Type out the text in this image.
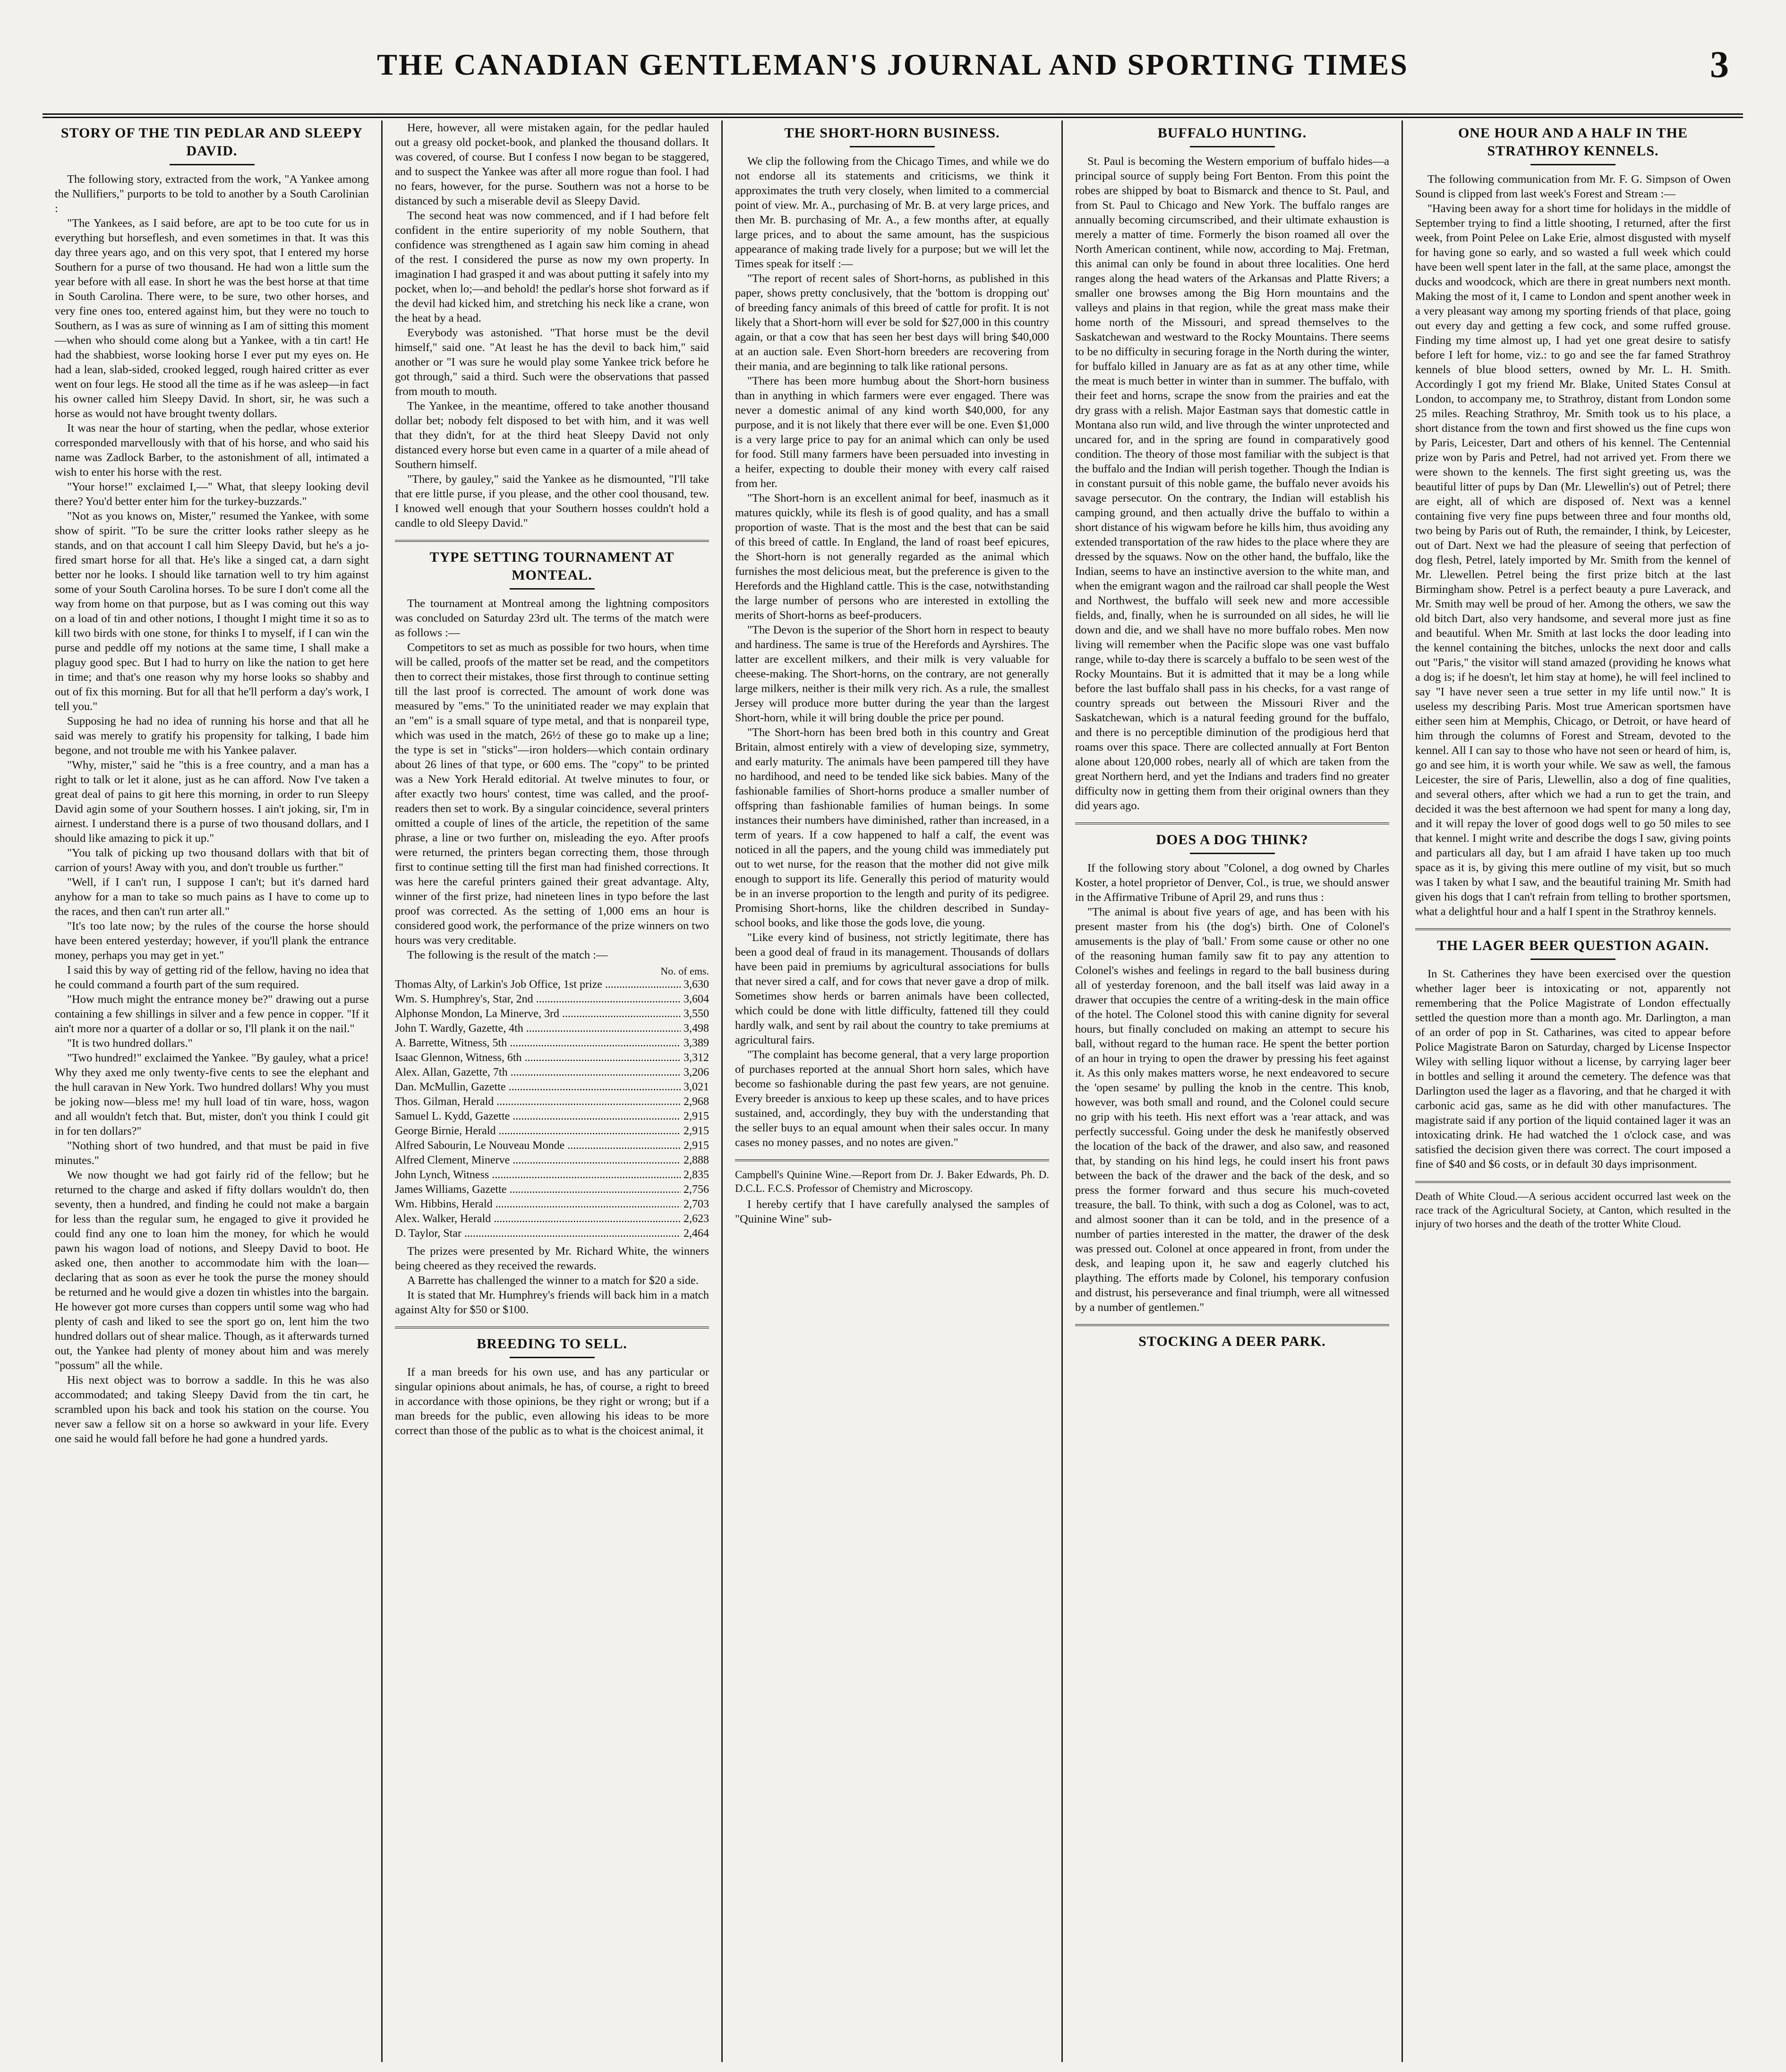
THE CANADIAN GENTLEMAN'S JOURNAL AND SPORTING TIMES	3
STORY OF THE TIN PEDLAR AND SLEEPY DAVID.

The following story, extracted from the work, "A Yankee among the Nullifiers," purports to be told to another by a South Carolinian :

"The Yankees, as I said before, are apt to be too cute for us in everything but horseflesh, and even sometimes in that. It was this day three years ago, and on this very spot, that I entered my horse Southern for a purse of two thousand. He had won a little sum the year before with all ease. In short he was the best horse at that time in South Carolina. There were, to be sure, two other horses, and very fine ones too, entered against him, but they were no touch to Southern, as I was as sure of winning as I am of sitting this moment—when who should come along but a Yankee, with a tin cart! He had the shabbiest, worse looking horse I ever put my eyes on. He had a lean, slab-sided, crooked legged, rough haired critter as ever went on four legs. He stood all the time as if he was asleep—in fact his owner called him Sleepy David. In short, sir, he was such a horse as would not have brought twenty dollars.

It was near the hour of starting, when the pedlar, whose exterior corresponded marvellously with that of his horse, and who said his name was Zadlock Barber, to the astonishment of all, intimated a wish to enter his horse with the rest.

"Your horse!" exclaimed I,—" What, that sleepy looking devil there? You'd better enter him for the turkey-buzzards."

"Not as you knows on, Mister," resumed the Yankee, with some show of spirit. "To be sure the critter looks rather sleepy as he stands, and on that account I call him Sleepy David, but he's a jo-fired smart horse for all that. He's like a singed cat, a darn sight better nor he looks. I should like tarnation well to try him against some of your South Carolina horses. To be sure I don't come all the way from home on that purpose, but as I was coming out this way on a load of tin and other notions, I thought I might time it so as to kill two birds with one stone, for thinks I to myself, if I can win the purse and peddle off my notions at the same time, I shall make a plaguy good spec. But I had to hurry on like the nation to get here in time; and that's one reason why my horse looks so shabby and out of fix this morning. But for all that he'll perform a day's work, I tell you."

Supposing he had no idea of running his horse and that all he said was merely to gratify his propensity for talking, I bade him begone, and not trouble me with his Yankee palaver.

"Why, mister," said he "this is a free country, and a man has a right to talk or let it alone, just as he can afford. Now I've taken a great deal of pains to git here this morning, in order to run Sleepy David agin some of your Southern hosses. I ain't joking, sir, I'm in airnest. I understand there is a purse of two thousand dollars, and I should like amazing to pick it up."

"You talk of picking up two thousand dollars with that bit of carrion of yours! Away with you, and don't trouble us further."

"Well, if I can't run, I suppose I can't; but it's darned hard anyhow for a man to take so much pains as I have to come up to the races, and then can't run arter all."

"It's too late now; by the rules of the course the horse should have been entered yesterday; however, if you'll plank the entrance money, perhaps you may get in yet."

I said this by way of getting rid of the fellow, having no idea that he could command a fourth part of the sum required.

"How much might the entrance money be?" drawing out a purse containing a few shillings in silver and a few pence in copper. "If it ain't more nor a quarter of a dollar or so, I'll plank it on the nail."

"It is two hundred dollars."

"Two hundred!" exclaimed the Yankee. "By gauley, what a price! Why they axed me only twenty-five cents to see the elephant and the hull caravan in New York. Two hundred dollars! Why you must be joking now—bless me! my hull load of tin ware, hoss, wagon and all wouldn't fetch that. But, mister, don't you think I could git in for ten dollars?"

"Nothing short of two hundred, and that must be paid in five minutes."

We now thought we had got fairly rid of the fellow; but he returned to the charge and asked if fifty dollars wouldn't do, then seventy, then a hundred, and finding he could not make a bargain for less than the regular sum, he engaged to give it provided he could find any one to loan him the money, for which he would pawn his wagon load of notions, and Sleepy David to boot. He asked one, then another to accommodate him with the loan—declaring that as soon as ever he took the purse the money should be returned and he would give a dozen tin whistles into the bargain. He however got more curses than coppers until some wag who had plenty of cash and liked to see the sport go on, lent him the two hundred dollars out of shear malice. Though, as it afterwards turned out, the Yankee had plenty of money about him and was merely "possum" all the while.

His next object was to borrow a saddle. In this he was also accommodated; and taking Sleepy David from the tin cart, he scrambled upon his back and took his station on the course. You never saw a fellow sit on a horse so awkward in your life. Every one said he would fall before he had gone a hundred yards.

Here, however, all were mistaken again, for the pedlar hauled out a greasy old pocket-book, and planked the thousand dollars. It was covered, of course. But I confess I now began to be staggered, and to suspect the Yankee was after all more rogue than fool. I had no fears, however, for the purse. Southern was not a horse to be distanced by such a miserable devil as Sleepy David.

The second heat was now commenced, and if I had before felt confident in the entire superiority of my noble Southern, that confidence was strengthened as I again saw him coming in ahead of the rest. I considered the purse as now my own property. In imagination I had grasped it and was about putting it safely into my pocket, when lo;—and behold! the pedlar's horse shot forward as if the devil had kicked him, and stretching his neck like a crane, won the heat by a head.

Everybody was astonished. "That horse must be the devil himself," said one. "At least he has the devil to back him," said another or "I was sure he would play some Yankee trick before he got through," said a third. Such were the observations that passed from mouth to mouth.

The Yankee, in the meantime, offered to take another thousand dollar bet; nobody felt disposed to bet with him, and it was well that they didn't, for at the third heat Sleepy David not only distanced every horse but even came in a quarter of a mile ahead of Southern himself.

"There, by gauley," said the Yankee as he dismounted, "I'll take that ere little purse, if you please, and the other cool thousand, tew. I knowed well enough that your Southern hosses couldn't hold a candle to old Sleepy David."

TYPE SETTING TOURNAMENT AT MONTEAL.

The tournament at Montreal among the lightning compositors was concluded on Saturday 23rd ult. The terms of the match were as follows :—

Competitors to set as much as possible for two hours, when time will be called, proofs of the matter set be read, and the competitors then to correct their mistakes, those first through to continue setting till the last proof is corrected. The amount of work done was measured by "ems." To the uninitiated reader we may explain that an "em" is a small square of type metal, and that is nonpareil type, which was used in the match, 26½ of these go to make up a line; the type is set in "sticks"—iron holders—which contain ordinary about 26 lines of that type, or 600 ems. The "copy" to be printed was a New York Herald editorial. At twelve minutes to four, or after exactly two hours' contest, time was called, and the proof-readers then set to work. By a singular coincidence, several printers omitted a couple of lines of the article, the repetition of the same phrase, a line or two further on, misleading the eyo. After proofs were returned, the printers began correcting them, those through first to continue setting till the first man had finished corrections. It was here the careful printers gained their great advantage. Alty, winner of the first prize, had nineteen lines in typo before the last proof was corrected. As the setting of 1,000 ems an hour is considered good work, the performance of the prize winners on two hours was very creditable.

The following is the result of the match :—

No. of ems.
Thomas Alty, of Larkin's Job Office, 1st prize .....	3,630
Wm. S. Humphrey's, Star, 2nd .....	3,604
Alphonse Mondon, La Minerve, 3rd .....	3,550
John T. Wardly, Gazette, 4th .....	3,498
A. Barrette, Witness, 5th .....	3,389
Isaac Glennon, Witness, 6th .....	3,312
Alex. Allan, Gazette, 7th .....	3,206
Dan. McMullin, Gazette .....	3,021
Thos. Gilman, Herald .....	2,968
Samuel L. Kydd, Gazette .....	2,915
George Birnie, Herald .....	2,915
Alfred Sabourin, Le Nouveau Monde .....	2,915
Alfred Clement, Minerve .....	2,888
John Lynch, Witness .....	2,835
James Williams, Gazette .....	2,756
Wm. Hibbins, Herald .....	2,703
Alex. Walker, Herald .....	2,623
D. Taylor, Star .....	2,464

The prizes were presented by Mr. Richard White, the winners being cheered as they received the rewards.

A Barrette has challenged the winner to a match for $20 a side.

It is stated that Mr. Humphrey's friends will back him in a match against Alty for $50 or $100.

BREEDING TO SELL.

If a man breeds for his own use, and has any particular or singular opinions about animals, he has, of course, a right to breed in accordance with those opinions, be they right or wrong; but if a man breeds for the public, even allowing his ideas to be more correct than those of the public as to what is the choicest animal, it

THE SHORT-HORN BUSINESS.

We clip the following from the Chicago Times, and while we do not endorse all its statements and criticisms, we think it approximates the truth very closely, when limited to a commercial point of view. Mr. A., purchasing of Mr. B. at very large prices, and then Mr. B. purchasing of Mr. A., a few months after, at equally large prices, and to about the same amount, has the suspicious appearance of making trade lively for a purpose; but we will let the Times speak for itself :—

"The report of recent sales of Short-horns, as published in this paper, shows pretty conclusively, that the 'bottom is dropping out' of breeding fancy animals of this breed of cattle for profit. It is not likely that a Short-horn will ever be sold for $27,000 in this country again, or that a cow that has seen her best days will bring $40,000 at an auction sale. Even Short-horn breeders are recovering from their mania, and are beginning to talk like rational persons.

"There has been more humbug about the Short-horn business than in anything in which farmers were ever engaged. There was never a domestic animal of any kind worth $40,000, for any purpose, and it is not likely that there ever will be one. Even $1,000 is a very large price to pay for an animal which can only be used for food. Still many farmers have been persuaded into investing in a heifer, expecting to double their money with every calf raised from her.

"The Short-horn is an excellent animal for beef, inasmuch as it matures quickly, while its flesh is of good quality, and has a small proportion of waste. That is the most and the best that can be said of this breed of cattle. In England, the land of roast beef epicures, the Short-horn is not generally regarded as the animal which furnishes the most delicious meat, but the preference is given to the Herefords and the Highland cattle. This is the case, notwithstanding the large number of persons who are interested in extolling the merits of Short-horns as beef-producers.

"The Devon is the superior of the Short horn in respect to beauty and hardiness. The same is true of the Herefords and Ayrshires. The latter are excellent milkers, and their milk is very valuable for cheese-making. The Short-horns, on the contrary, are not generally large milkers, neither is their milk very rich. As a rule, the smallest Jersey will produce more butter during the year than the largest Short-horn, while it will bring double the price per pound.

"The Short-horn has been bred both in this country and Great Britain, almost entirely with a view of developing size, symmetry, and early maturity. The animals have been pampered till they have no hardihood, and need to be tended like sick babies. Many of the fashionable families of Short-horns produce a smaller number of offspring than fashionable families of human beings. In some instances their numbers have diminished, rather than increased, in a term of years. If a cow happened to half a calf, the event was noticed in all the papers, and the young child was immediately put out to wet nurse, for the reason that the mother did not give milk enough to support its life. Generally this period of maturity would be in an inverse proportion to the length and purity of its pedigree. Promising Short-horns, like the children described in Sunday-school books, and like those the gods love, die young.

"Like every kind of business, not strictly legitimate, there has been a good deal of fraud in its management. Thousands of dollars have been paid in premiums by agricultural associations for bulls that never sired a calf, and for cows that never gave a drop of milk. Sometimes show herds or barren animals have been collected, which could be done with little difficulty, fattened till they could hardly walk, and sent by rail about the country to take premiums at agricultural fairs.

"The complaint has become general, that a very large proportion of purchases reported at the annual Short horn sales, which have become so fashionable during the past few years, are not genuine. Every breeder is anxious to keep up these scales, and to have prices sustained, and, accordingly, they buy with the understanding that the seller buys to an equal amount when their sales occur. In many cases no money passes, and no notes are given."

Campbell's Quinine Wine.—Report from Dr. J. Baker Edwards, Ph. D. D.C.L. F.C.S. Professor of Chemistry and Microscopy.

I hereby certify that I have carefully analysed the samples of "Quinine Wine" sub-

BUFFALO HUNTING.

St. Paul is becoming the Western emporium of buffalo hides—a principal source of supply being Fort Benton. From this point the robes are shipped by boat to Bismarck and thence to St. Paul, and from St. Paul to Chicago and New York. The buffalo ranges are annually becoming circumscribed, and their ultimate exhaustion is merely a matter of time. Formerly the bison roamed all over the North American continent, while now, according to Maj. Fretman, this animal can only be found in about three localities. One herd ranges along the head waters of the Arkansas and Platte Rivers; a smaller one browses among the Big Horn mountains and the valleys and plains in that region, while the great mass make their home north of the Missouri, and spread themselves to the Saskatchewan and westward to the Rocky Mountains. There seems to be no difficulty in securing forage in the North during the winter, for buffalo killed in January are as fat as at any other time, while the meat is much better in winter than in summer. The buffalo, with their feet and horns, scrape the snow from the prairies and eat the dry grass with a relish. Major Eastman says that domestic cattle in Montana also run wild, and live through the winter unprotected and uncared for, and in the spring are found in comparatively good condition. The theory of those most familiar with the subject is that the buffalo and the Indian will perish together. Though the Indian is in constant pursuit of this noble game, the buffalo never avoids his savage persecutor. On the contrary, the Indian will establish his camping ground, and then actually drive the buffalo to within a short distance of his wigwam before he kills him, thus avoiding any extended transportation of the raw hides to the place where they are dressed by the squaws. Now on the other hand, the buffalo, like the Indian, seems to have an instinctive aversion to the white man, and when the emigrant wagon and the railroad car shall people the West and Northwest, the buffalo will seek new and more accessible fields, and, finally, when he is surrounded on all sides, he will lie down and die, and we shall have no more buffalo robes. Men now living will remember when the Pacific slope was one vast buffalo range, while to-day there is scarcely a buffalo to be seen west of the Rocky Mountains. But it is admitted that it may be a long while before the last buffalo shall pass in his checks, for a vast range of country spreads out between the Missouri River and the Saskatchewan, which is a natural feeding ground for the buffalo, and there is no perceptible diminution of the prodigious herd that roams over this space. There are collected annually at Fort Benton alone about 120,000 robes, nearly all of which are taken from the great Northern herd, and yet the Indians and traders find no greater difficulty now in getting them from their original owners than they did years ago.

DOES A DOG THINK?

If the following story about "Colonel, a dog owned by Charles Koster, a hotel proprietor of Denver, Col., is true, we should answer in the Affirmative Tribune of April 29, and runs thus :

"The animal is about five years of age, and has been with his present master from his (the dog's) birth. One of Colonel's amusements is the play of 'ball.' From some cause or other no one of the reasoning human family saw fit to pay any attention to Colonel's wishes and feelings in regard to the ball business during all of yesterday forenoon, and the ball itself was laid away in a drawer that occupies the centre of a writing-desk in the main office of the hotel. The Colonel stood this with canine dignity for several hours, but finally concluded on making an attempt to secure his ball, without regard to the human race. He spent the better portion of an hour in trying to open the drawer by pressing his feet against it. As this only makes matters worse, he next endeavored to secure the 'open sesame' by pulling the knob in the centre. This knob, however, was both small and round, and the Colonel could secure no grip with his teeth. His next effort was a 'rear attack, and was perfectly successful. Going under the desk he manifestly observed the location of the back of the drawer, and also saw, and reasoned that, by standing on his hind legs, he could insert his front paws between the back of the drawer and the back of the desk, and so press the former forward and thus secure his much-coveted treasure, the ball. To think, with such a dog as Colonel, was to act, and almost sooner than it can be told, and in the presence of a number of parties interested in the matter, the drawer of the desk was pressed out. Colonel at once appeared in front, from under the desk, and leaping upon it, he saw and eagerly clutched his plaything. The efforts made by Colonel, his temporary confusion and distrust, his perseverance and final triumph, were all witnessed by a number of gentlemen."

STOCKING A DEER PARK.
ONE HOUR AND A HALF IN THE STRATHROY KENNELS.

The following communication from Mr. F. G. Simpson of Owen Sound is clipped from last week's Forest and Stream :—

"Having been away for a short time for holidays in the middle of September trying to find a little shooting, I returned, after the first week, from Point Pelee on Lake Erie, almost disgusted with myself for having gone so early, and so wasted a full week which could have been well spent later in the fall, at the same place, amongst the ducks and woodcock, which are there in great numbers next month. Making the most of it, I came to London and spent another week in a very pleasant way among my sporting friends of that place, going out every day and getting a few cock, and some ruffed grouse. Finding my time almost up, I had yet one great desire to satisfy before I left for home, viz.: to go and see the far famed Strathroy kennels of blue blood setters, owned by Mr. L. H. Smith. Accordingly I got my friend Mr. Blake, United States Consul at London, to accompany me, to Strathroy, distant from London some 25 miles. Reaching Strathroy, Mr. Smith took us to his place, a short distance from the town and first showed us the fine cups won by Paris, Leicester, Dart and others of his kennel. The Centennial prize won by Paris and Petrel, had not arrived yet. From there we were shown to the kennels. The first sight greeting us, was the beautiful litter of pups by Dan (Mr. Llewellin's) out of Petrel; there are eight, all of which are disposed of. Next was a kennel containing five very fine pups between three and four months old, two being by Paris out of Ruth, the remainder, I think, by Leicester, out of Dart. Next we had the pleasure of seeing that perfection of dog flesh, Petrel, lately imported by Mr. Smith from the kennel of Mr. Llewellen. Petrel being the first prize bitch at the last Birmingham show. Petrel is a perfect beauty a pure Laverack, and Mr. Smith may well be proud of her. Among the others, we saw the old bitch Dart, also very handsome, and several more just as fine and beautiful. When Mr. Smith at last locks the door leading into the kennel containing the bitches, unlocks the next door and calls out "Paris," the visitor will stand amazed (providing he knows what a dog is; if he doesn't, let him stay at home), he will feel inclined to say "I have never seen a true setter in my life until now." It is useless my describing Paris. Most true American sportsmen have either seen him at Memphis, Chicago, or Detroit, or have heard of him through the columns of Forest and Stream, devoted to the kennel. All I can say to those who have not seen or heard of him, is, go and see him, it is worth your while. We saw as well, the famous Leicester, the sire of Paris, Llewellin, also a dog of fine qualities, and several others, after which we had a run to get the train, and decided it was the best afternoon we had spent for many a long day, and it will repay the lover of good dogs well to go 50 miles to see that kennel. I might write and describe the dogs I saw, giving points and particulars all day, but I am afraid I have taken up too much space as it is, by giving this mere outline of my visit, but so much was I taken by what I saw, and the beautiful training Mr. Smith had given his dogs that I can't refrain from telling to brother sportsmen, what a delightful hour and a half I spent in the Strathroy kennels.

THE LAGER BEER QUESTION AGAIN.

In St. Catherines they have been exercised over the question whether lager beer is intoxicating or not, apparently not remembering that the Police Magistrate of London effectually settled the question more than a month ago. Mr. Darlington, a man of an order of pop in St. Catharines, was cited to appear before Police Magistrate Baron on Saturday, charged by License Inspector Wiley with selling liquor without a license, by carrying lager beer in bottles and selling it around the cemetery. The defence was that Darlington used the lager as a flavoring, and that he charged it with carbonic acid gas, same as he did with other manufactures. The magistrate said if any portion of the liquid contained lager it was an intoxicating drink. He had watched the 1 o'clock case, and was satisfied the decision given there was correct. The court imposed a fine of $40 and $6 costs, or in default 30 days imprisonment.

Death of White Cloud.—A serious accident occurred last week on the race track of the Agricultural Society, at Canton, which resulted in the injury of two horses and the death of the trotter White Cloud.
